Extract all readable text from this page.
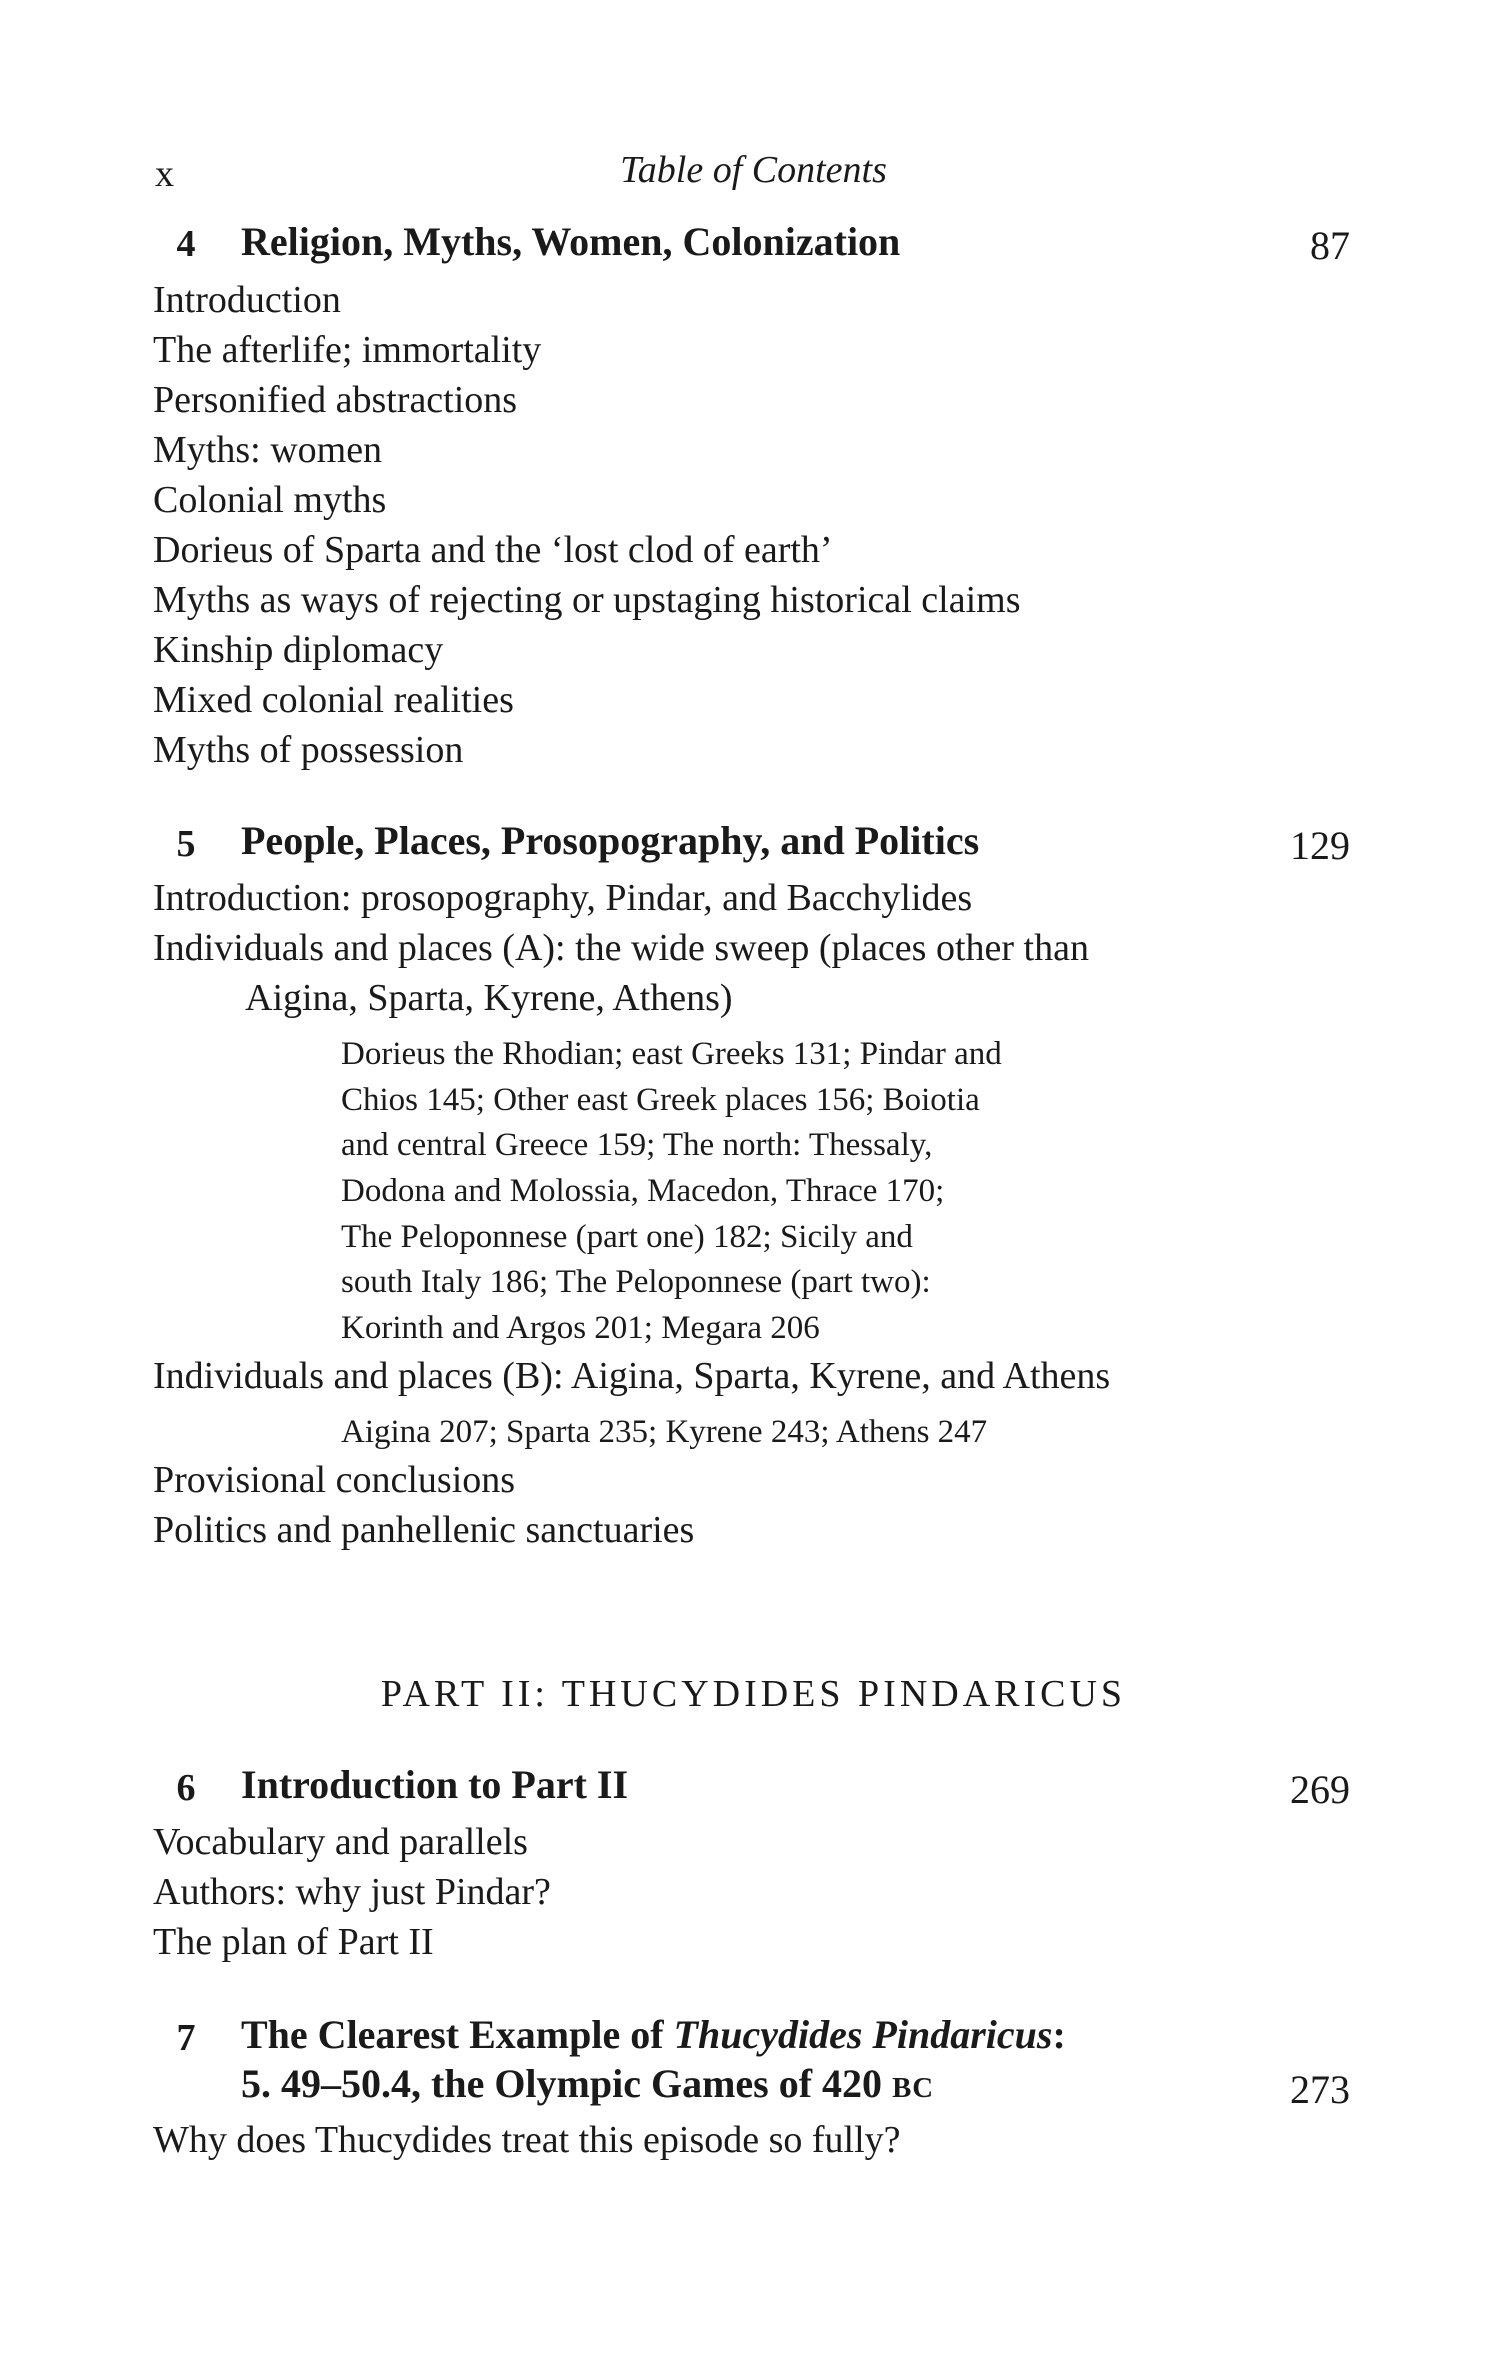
x	Table of Contents
4 Religion, Myths, Women, Colonization	87
Introduction
The afterlife; immortality
Personified abstractions
Myths: women
Colonial myths
Dorieus of Sparta and the ‘lost clod of earth’
Myths as ways of rejecting or upstaging historical claims
Kinship diplomacy
Mixed colonial realities
Myths of possession
5 People, Places, Prosopography, and Politics	129
Introduction: prosopography, Pindar, and Bacchylides
Individuals and places (A): the wide sweep (places other than
Aigina, Sparta, Kyrene, Athens)
Dorieus the Rhodian; east Greeks 131; Pindar and
Chios 145; Other east Greek places 156; Boiotia
and central Greece 159; The north: Thessaly,
Dodona and Molossia, Macedon, Thrace 170;
The Peloponnese (part one) 182; Sicily and
south Italy 186; The Peloponnese (part two):
Korinth and Argos 201; Megara 206
Individuals and places (B): Aigina, Sparta, Kyrene, and Athens
Aigina 207; Sparta 235; Kyrene 243; Athens 247
Provisional conclusions
Politics and panhellenic sanctuaries
PART II: THUCYDIDES PINDARICUS
6 Introduction to Part II	269
Vocabulary and parallels
Authors: why just Pindar?
The plan of Part II
7 The Clearest Example of Thucydides Pindaricus:
5. 49–50.4, the Olympic Games of 420 BC	273
Why does Thucydides treat this episode so fully?
